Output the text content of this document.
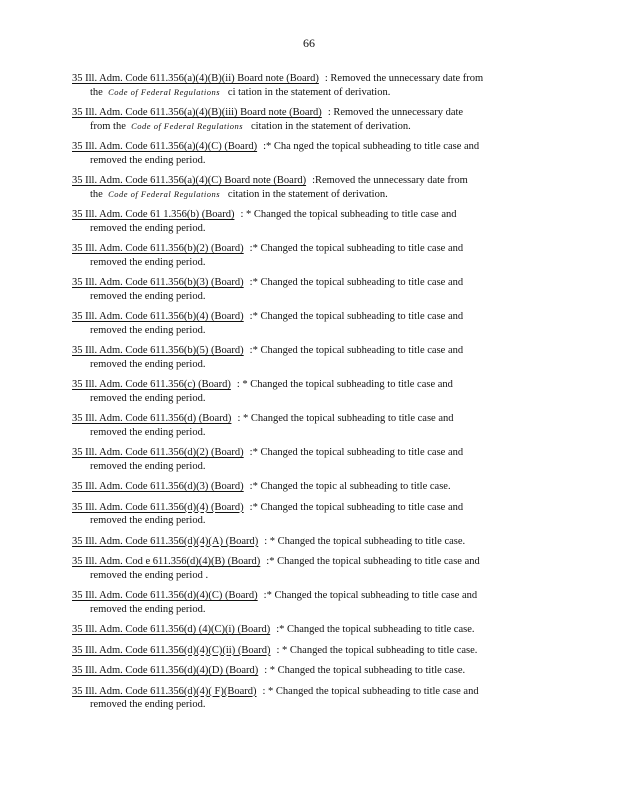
66
35 Ill. Adm. Code 611.356(a)(4)(B)(ii) Board note (Board) : Removed the unnecessary date from
the Code of Federal Regulations ci tation in the statement of derivation.
35 Ill. Adm. Code 611.356(a)(4)(B)(iii) Board note (Board) : Removed the unnecessary date
from the Code of Federal Regulations citation in the statement of derivation.
35 Ill. Adm. Code 611.356(a)(4)(C) (Board) :* Cha nged the topical subheading to title case and
removed the ending period.
35 Ill. Adm. Code 611.356(a)(4)(C) Board note (Board) :Removed the unnecessary date from
the Code of Federal Regulations citation in the statement of derivation.
35 Ill. Adm. Code 61 1.356(b) (Board) : * Changed the topical subheading to title case and
removed the ending period.
35 Ill. Adm. Code 611.356(b)(2) (Board) :* Changed the topical subheading to title case and
removed the ending period.
35 Ill. Adm. Code 611.356(b)(3) (Board) :* Changed the topical subheading to title case and
removed the ending period.
35 Ill. Adm. Code 611.356(b)(4) (Board) :* Changed the topical subheading to title case and
removed the ending period.
35 Ill. Adm. Code 611.356(b)(5) (Board) :* Changed the topical subheading to title case and
removed the ending period.
35 Ill. Adm. Code 611.356(c) (Board) : * Changed the topical subheading to title case and
removed the ending period.
35 Ill. Adm. Code 611.356(d) (Board) : * Changed the topical subheading to title case and
removed the ending period.
35 Ill. Adm. Code 611.356(d)(2) (Board) :* Changed the topical subheading to title case and
removed the ending period.
35 Ill. Adm. Code 611.356(d)(3) (Board) :* Changed the topic al subheading to title case.
35 Ill. Adm. Code 611.356(d)(4) (Board) :* Changed the topical subheading to title case and
removed the ending period.
35 Ill. Adm. Code 611.356(d)(4)(A) (Board) : * Changed the topical subheading to title case.
35 Ill. Adm. Cod e 611.356(d)(4)(B) (Board) :* Changed the topical subheading to title case and
removed the ending period .
35 Ill. Adm. Code 611.356(d)(4)(C) (Board) :* Changed the topical subheading to title case and
removed the ending period.
35 Ill. Adm. Code 611.356(d) (4)(C)(i) (Board) :* Changed the topical subheading to title case.
35 Ill. Adm. Code 611.356(d)(4)(C)(ii) (Board) : * Changed the topical subheading to title case.
35 Ill. Adm. Code 611.356(d)(4)(D) (Board) : * Changed the topical subheading to title case.
35 Ill. Adm. Code 611.356(d)(4)( F)(Board) : * Changed the topical subheading to title case and
removed the ending period.
